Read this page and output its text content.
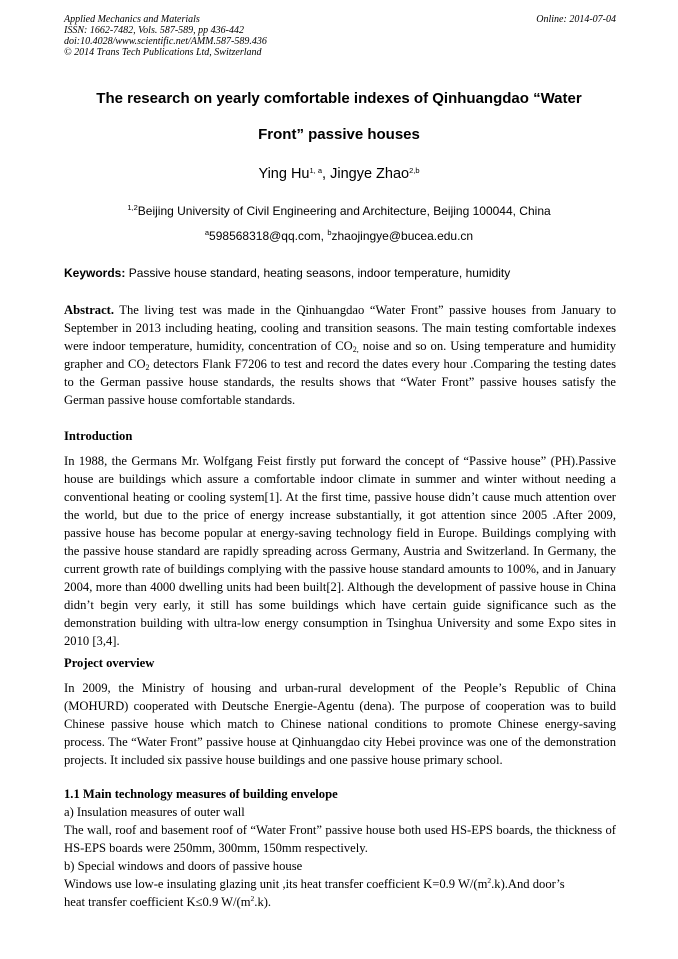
Applied Mechanics and Materials
ISSN: 1662-7482, Vols. 587-589, pp 436-442
doi:10.4028/www.scientific.net/AMM.587-589.436
© 2014 Trans Tech Publications Ltd, Switzerland
Online: 2014-07-04
The research on yearly comfortable indexes of Qinhuangdao “Water
Front” passive houses
Ying Hu$^{1, a}$, Jingye Zhao$^{2,b}$
$^{1,2}$Beijing University of Civil Engineering and Architecture, Beijing 100044, China
$^a$598568318@qq.com, $^b$zhaojingye@bucea.edu.cn
Keywords: Passive house standard, heating seasons, indoor temperature, humidity
Abstract. The living test was made in the Qinhuangdao “Water Front” passive houses from January to September in 2013 including heating, cooling and transition seasons. The main testing comfortable indexes were indoor temperature, humidity, concentration of $CO_{2,}$ noise and so on. Using temperature and humidity grapher and $CO_2$ detectors Flank F7206 to test and record the dates every hour .Comparing the testing dates to the German passive house standards, the results shows that “Water Front” passive houses satisfy the German passive house comfortable standards.
Introduction
In 1988, the Germans Mr. Wolfgang Feist firstly put forward the concept of “Passive house” (PH).Passive house are buildings which assure a comfortable indoor climate in summer and winter without needing a conventional heating or cooling system[1]. At the first time, passive house didn’t cause much attention over the world, but due to the price of energy increase substantially, it got attention since 2005 .After 2009, passive house has become popular at energy-saving technology field in Europe. Buildings complying with the passive house standard are rapidly spreading across Germany, Austria and Switzerland. In Germany, the current growth rate of buildings complying with the passive house standard amounts to 100%, and in January 2004, more than 4000 dwelling units had been built[2]. Although the development of passive house in China didn’t begin very early, it still has some buildings which have certain guide significance such as the demonstration building with ultra-low energy consumption in Tsinghua University and some Expo sites in 2010 [3,4].
Project overview
In 2009, the Ministry of housing and urban-rural development of the People’s Republic of China (MOHURD) cooperated with Deutsche Energie-Agentu (dena). The purpose of cooperation was to build Chinese passive house which match to Chinese national conditions to promote Chinese energy-saving process. The “Water Front” passive house at Qinhuangdao city Hebei province was one of the demonstration projects. It included six passive house buildings and one passive house primary school.
1.1 Main technology measures of building envelope
a) Insulation measures of outer wall
The wall, roof and basement roof of “Water Front” passive house both used HS-EPS boards, the thickness of HS-EPS boards were 250mm, 300mm, 150mm respectively.
b) Special windows and doors of passive house
Windows use low-e insulating glazing unit ,its heat transfer coefficient K=0.9 $W/(m^2.k).And$ door’s
heat transfer coefficient K≤0.9 $W/(m^2.k)$.
